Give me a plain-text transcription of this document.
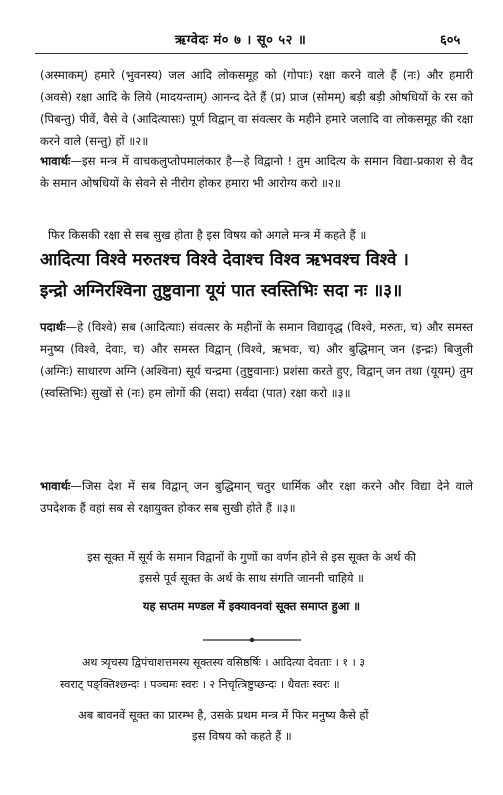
ऋग्वेदः मं० ७ । सू० ५२ ॥	६०५

(अस्माकम्) हमारे (भुवनस्य) जल आदि लोकसमूह को (गोपाः) रक्षा करने वाले हैं (नः) और हमारी (अवसे) रक्षा आदि के लिये (मादयन्ताम्) आनन्द देते हैं (प्र) प्राज (सोमम्) बड़ी बड़ी ओषधियों के रस को (पिबन्तु) पीवें, वैसे वे (आदित्यासः) पूर्ण विद्वान् वा संवत्सर के महीने हमारे जलादि वा लोकसमूह की रक्षा करने वाले (सन्तु) हों ॥२॥

भावार्थः—इस मन्त्र में वाचकलुप्तोपमालंकार है—हे विद्वानो ! तुम आदित्य के समान विद्या-प्रकाश से वैद के समान ओषधियों के सेवने से नीरोग होकर हमारा भी आरोग्य करो ॥२॥

फिर किसकी रक्षा से सब सुख होता है इस विषय को अगले मन्त्र में कहते हैं ॥

आदित्या विश्वे मरुतश्च विश्वे देवाश्च विश्व ऋभवश्च विश्वे ।

इन्द्रो अग्निरश्विना तुष्टुवाना यूयं पात स्वस्तिभिः सदा नः ॥३॥

पदार्थः—हे (विश्वे) सब (आदित्याः) संवत्सर के महीनों के समान विद्यावृद्ध (विश्वे, मरुतः, च) और समस्त मनुष्य (विश्वे, देवाः, च) और समस्त विद्वान् (विश्वे, ऋभवः, च) और बुद्धिमान् जन (इन्द्रः) बिजुली (अग्निः) साधारण अग्नि (अश्विना) सूर्य चन्द्रमा (तुष्टुवानाः) प्रशंसा करते हुए, विद्वान् जन तथा (यूयम्) तुम (स्वस्तिभिः) सुखों से (नः) हम लोगों की (सदा) सर्वदा (पात) रक्षा करो ॥३॥

भावार्थः—जिस देश में सब विद्वान् जन बुद्धिमान् चतुर धार्मिक और रक्षा करने और विद्या देने वाले उपदेशक हैं वहां सब से रक्षायुक्त होकर सब सुखी होते हैं ॥३॥

इस सूक्त में सूर्य के समान विद्वानों के गुणों का वर्णन होने से इस सूक्त के अर्थ की

इससे पूर्व सूक्त के अर्थ के साथ संगति जाननी चाहिये ॥

यह सप्तम मण्डल में इक्यावनवां सूक्त समाप्त हुआ ॥

अथ त्र्यृचस्य द्विपंचाशत्तमस्य सूक्तस्य वसिष्ठर्षिः । आदित्या देवताः । १ । ३

स्वराट् पङ्क्तिश्छन्दः । पञ्चमः स्वरः । २ निचृत्त्रिष्टुप्छन्दः । धैवतः स्वरः ॥

अब बावनवें सूक्त का प्रारम्भ है, उसके प्रथम मन्त्र में फिर मनुष्य कैसे हों

इस विषय को कहते हैं ॥
